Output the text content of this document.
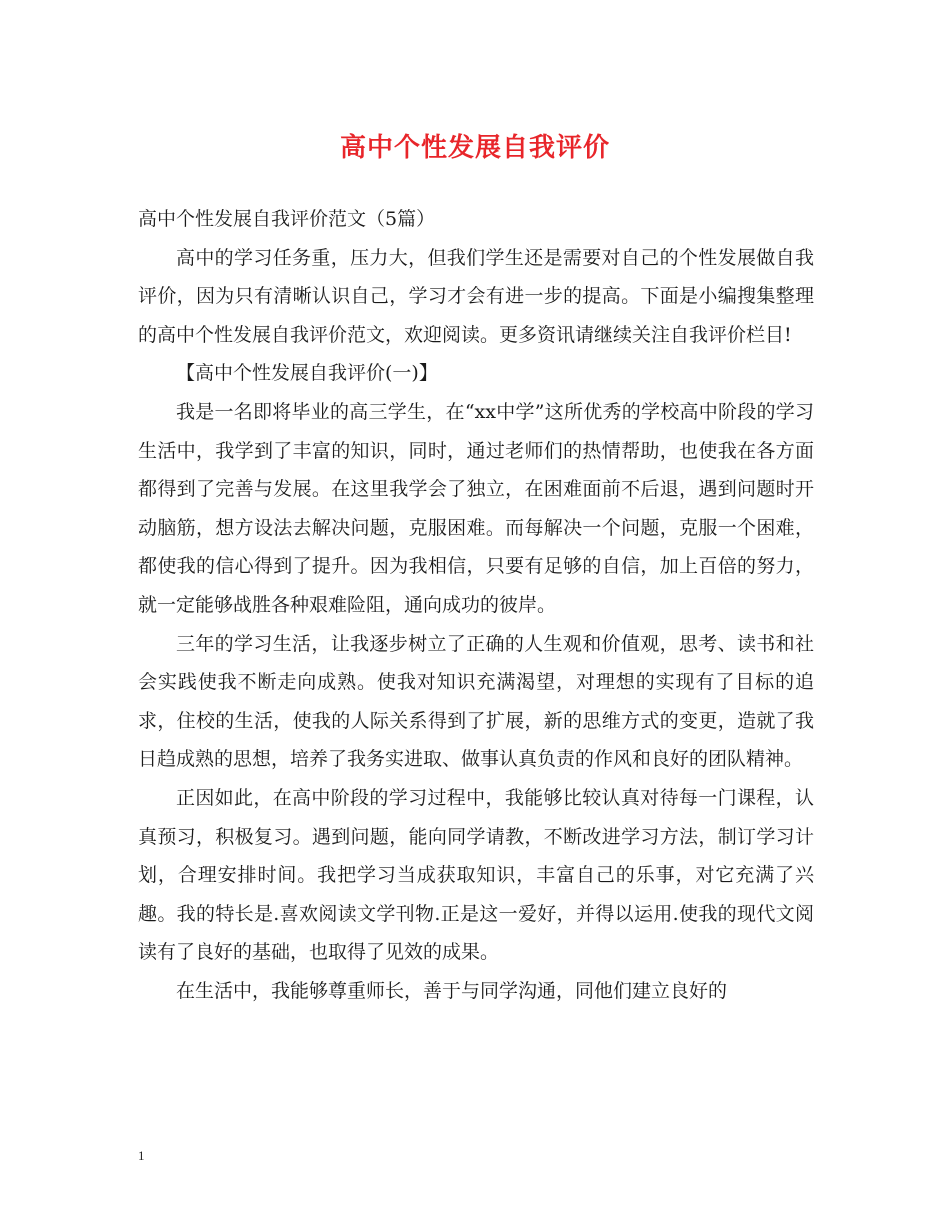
高中个性发展自我评价

高中个性发展自我评价范文（5篇）

高中的学习任务重，压力大，但我们学生还是需要对自己的个性发展做自我评价，因为只有清晰认识自己，学习才会有进一步的提高。下面是小编搜集整理的高中个性发展自我评价范文，欢迎阅读。更多资讯请继续关注自我评价栏目!

【高中个性发展自我评价(一)】

我是一名即将毕业的高三学生，在“xx中学”这所优秀的学校高中阶段的学习生活中，我学到了丰富的知识，同时，通过老师们的热情帮助，也使我在各方面都得到了完善与发展。在这里我学会了独立，在困难面前不后退，遇到问题时开动脑筋，想方设法去解决问题，克服困难。而每解决一个问题，克服一个困难，都使我的信心得到了提升。因为我相信，只要有足够的自信，加上百倍的努力，就一定能够战胜各种艰难险阻，通向成功的彼岸。

三年的学习生活，让我逐步树立了正确的人生观和价值观，思考、读书和社会实践使我不断走向成熟。使我对知识充满渴望，对理想的实现有了目标的追求，住校的生活，使我的人际关系得到了扩展，新的思维方式的变更，造就了我日趋成熟的思想，培养了我务实进取、做事认真负责的作风和良好的团队精神。

正因如此，在高中阶段的学习过程中，我能够比较认真对待每一门课程，认真预习，积极复习。遇到问题，能向同学请教，不断改进学习方法，制订学习计划，合理安排时间。我把学习当成获取知识，丰富自己的乐事，对它充满了兴趣。我的特长是.喜欢阅读文学刊物.正是这一爱好，并得以运用.使我的现代文阅读有了良好的基础，也取得了见效的成果。

在生活中，我能够尊重师长，善于与同学沟通，同他们建立良好的

1
